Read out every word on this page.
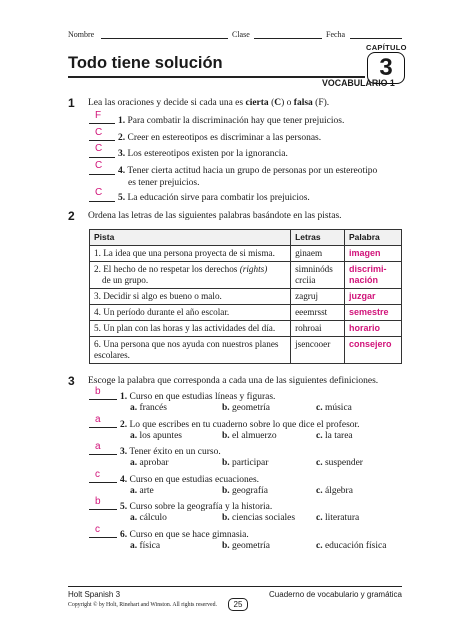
Nombre	Clase	Fecha
CAPÍTULO
3
Todo tiene solución
VOCABULARIO 1
1 Lea las oraciones y decide si cada una es cierta (C) o falsa (F).
F 1. Para combatir la discriminación hay que tener prejuicios.
C 2. Creer en estereotipos es discriminar a las personas.
C 3. Los estereotipos existen por la ignorancia.
C 4. Tener cierta actitud hacia un grupo de personas por un estereotipo
es tener prejuicios.
C 5. La educación sirve para combatir los prejuicios.
2 Ordena las letras de las siguientes palabras basándote en las pistas.
Pista	Letras	Palabra
1. La idea que una persona proyecta de si misma.	ginaem	imagen
2. El hecho de no respetar los derechos (rights)
de un grupo.	simninóds crciia	discrimi-nación
3. Decidir si algo es bueno o malo.	zagruj	juzgar
4. Un período durante el año escolar.	eeemrsst	semestre
5. Un plan con las horas y las actividades del día.	rohroai	horario
6. Una persona que nos ayuda con nuestros planes escolares.	jsencooer	consejero
3 Escoge la palabra que corresponda a cada una de las siguientes definiciones.
b 1. Curso en que estudias líneas y figuras.
a. francés	b. geometría	c. música
a 2. Lo que escribes en tu cuaderno sobre lo que dice el profesor.
a. los apuntes	b. el almuerzo	c. la tarea
a 3. Tener éxito en un curso.
a. aprobar	b. participar	c. suspender
c 4. Curso en que estudias ecuaciones.
a. arte	b. geografía	c. álgebra
b 5. Curso sobre la geografía y la historia.
a. cálculo	b. ciencias sociales c. literatura
c 6. Curso en que se hace gimnasia.
a. física	b. geometría	c. educación física
Holt Spanish 3	Cuaderno de vocabulario y gramática
Copyright © by Holt, Rinehart and Winston. All rights reserved.	25
